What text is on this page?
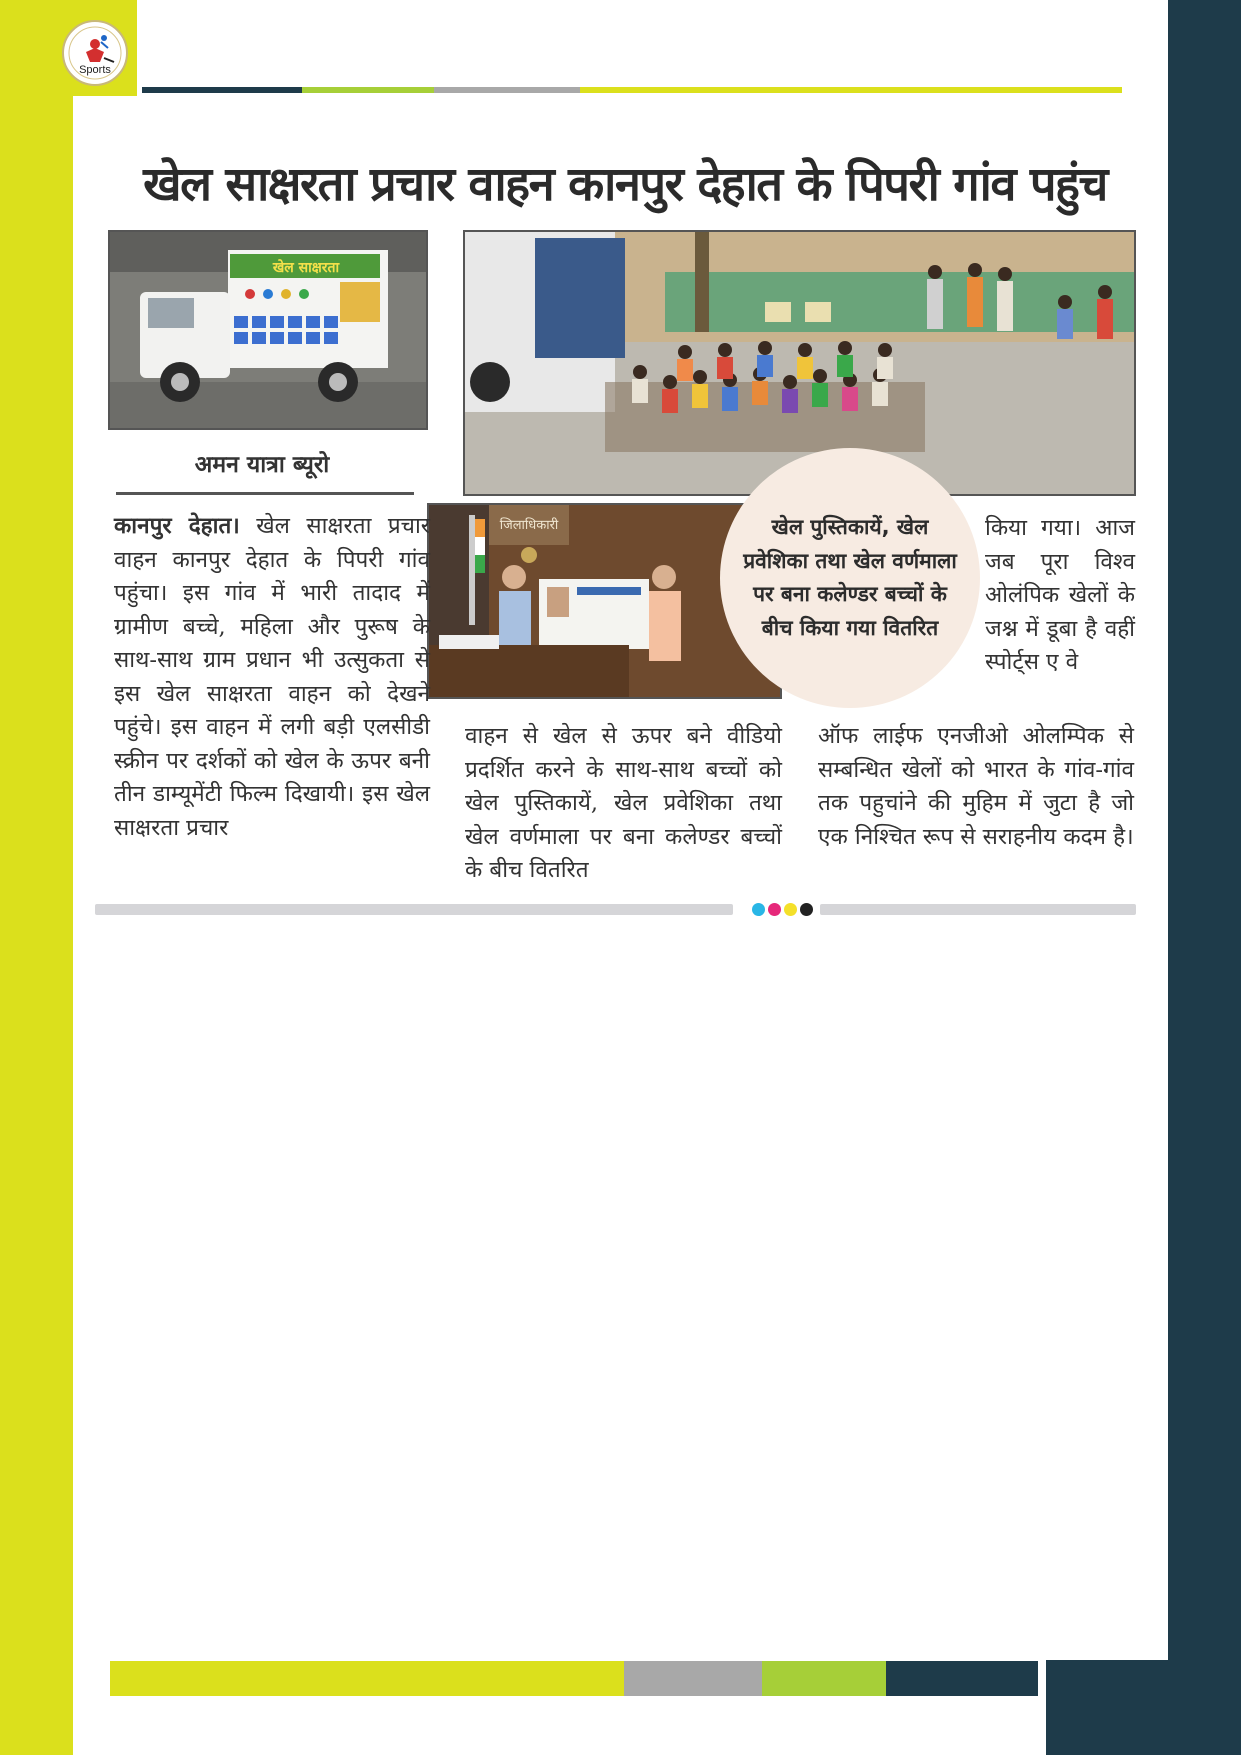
Sports
खेल साक्षरता प्रचार वाहन कानपुर देहात के पिपरी गांव पहुंच
खेल साक्षरता
अमन यात्रा ब्यूरो
जिलाधिकारी	खेल पुस्तिकायें, खेल प्रवेशिका तथा खेल वर्णमाला पर बना कलेण्डर बच्चों के बीच किया गया वितरित
कानपुर देहात। खेल साक्षरता प्रचार वाहन कानपुर देहात के पिपरी गांव पहुंचा। इस गांव में भारी तादाद में ग्रामीण बच्चे, महिला और पुरूष के साथ-साथ ग्राम प्रधान भी उत्सुकता से इस खेल साक्षरता वाहन को देखने पहुंचे। इस वाहन में लगी बड़ी एलसीडी स्क्रीन पर दर्शकों को खेल के ऊपर बनी तीन डाम्यूमेंटी फिल्म दिखायी। इस खेल साक्षरता प्रचार
वाहन से खेल से ऊपर बने वीडियो प्रदर्शित करने के साथ-साथ बच्चों को खेल पुस्तिकायें, खेल प्रवेशिका तथा खेल वर्णमाला पर बना कलेण्डर बच्चों के बीच वितरित
किया गया। आज जब पूरा विश्व ओलंपिक खेलों के जश्न में डूबा है वहीं स्पोर्ट्स ए वे
ऑफ लाईफ एनजीओ ओलम्पिक से सम्बन्धित खेलों को भारत के गांव-गांव तक पहुचांने की मुहिम में जुटा है जो एक निश्चित रूप से सराहनीय कदम है।
